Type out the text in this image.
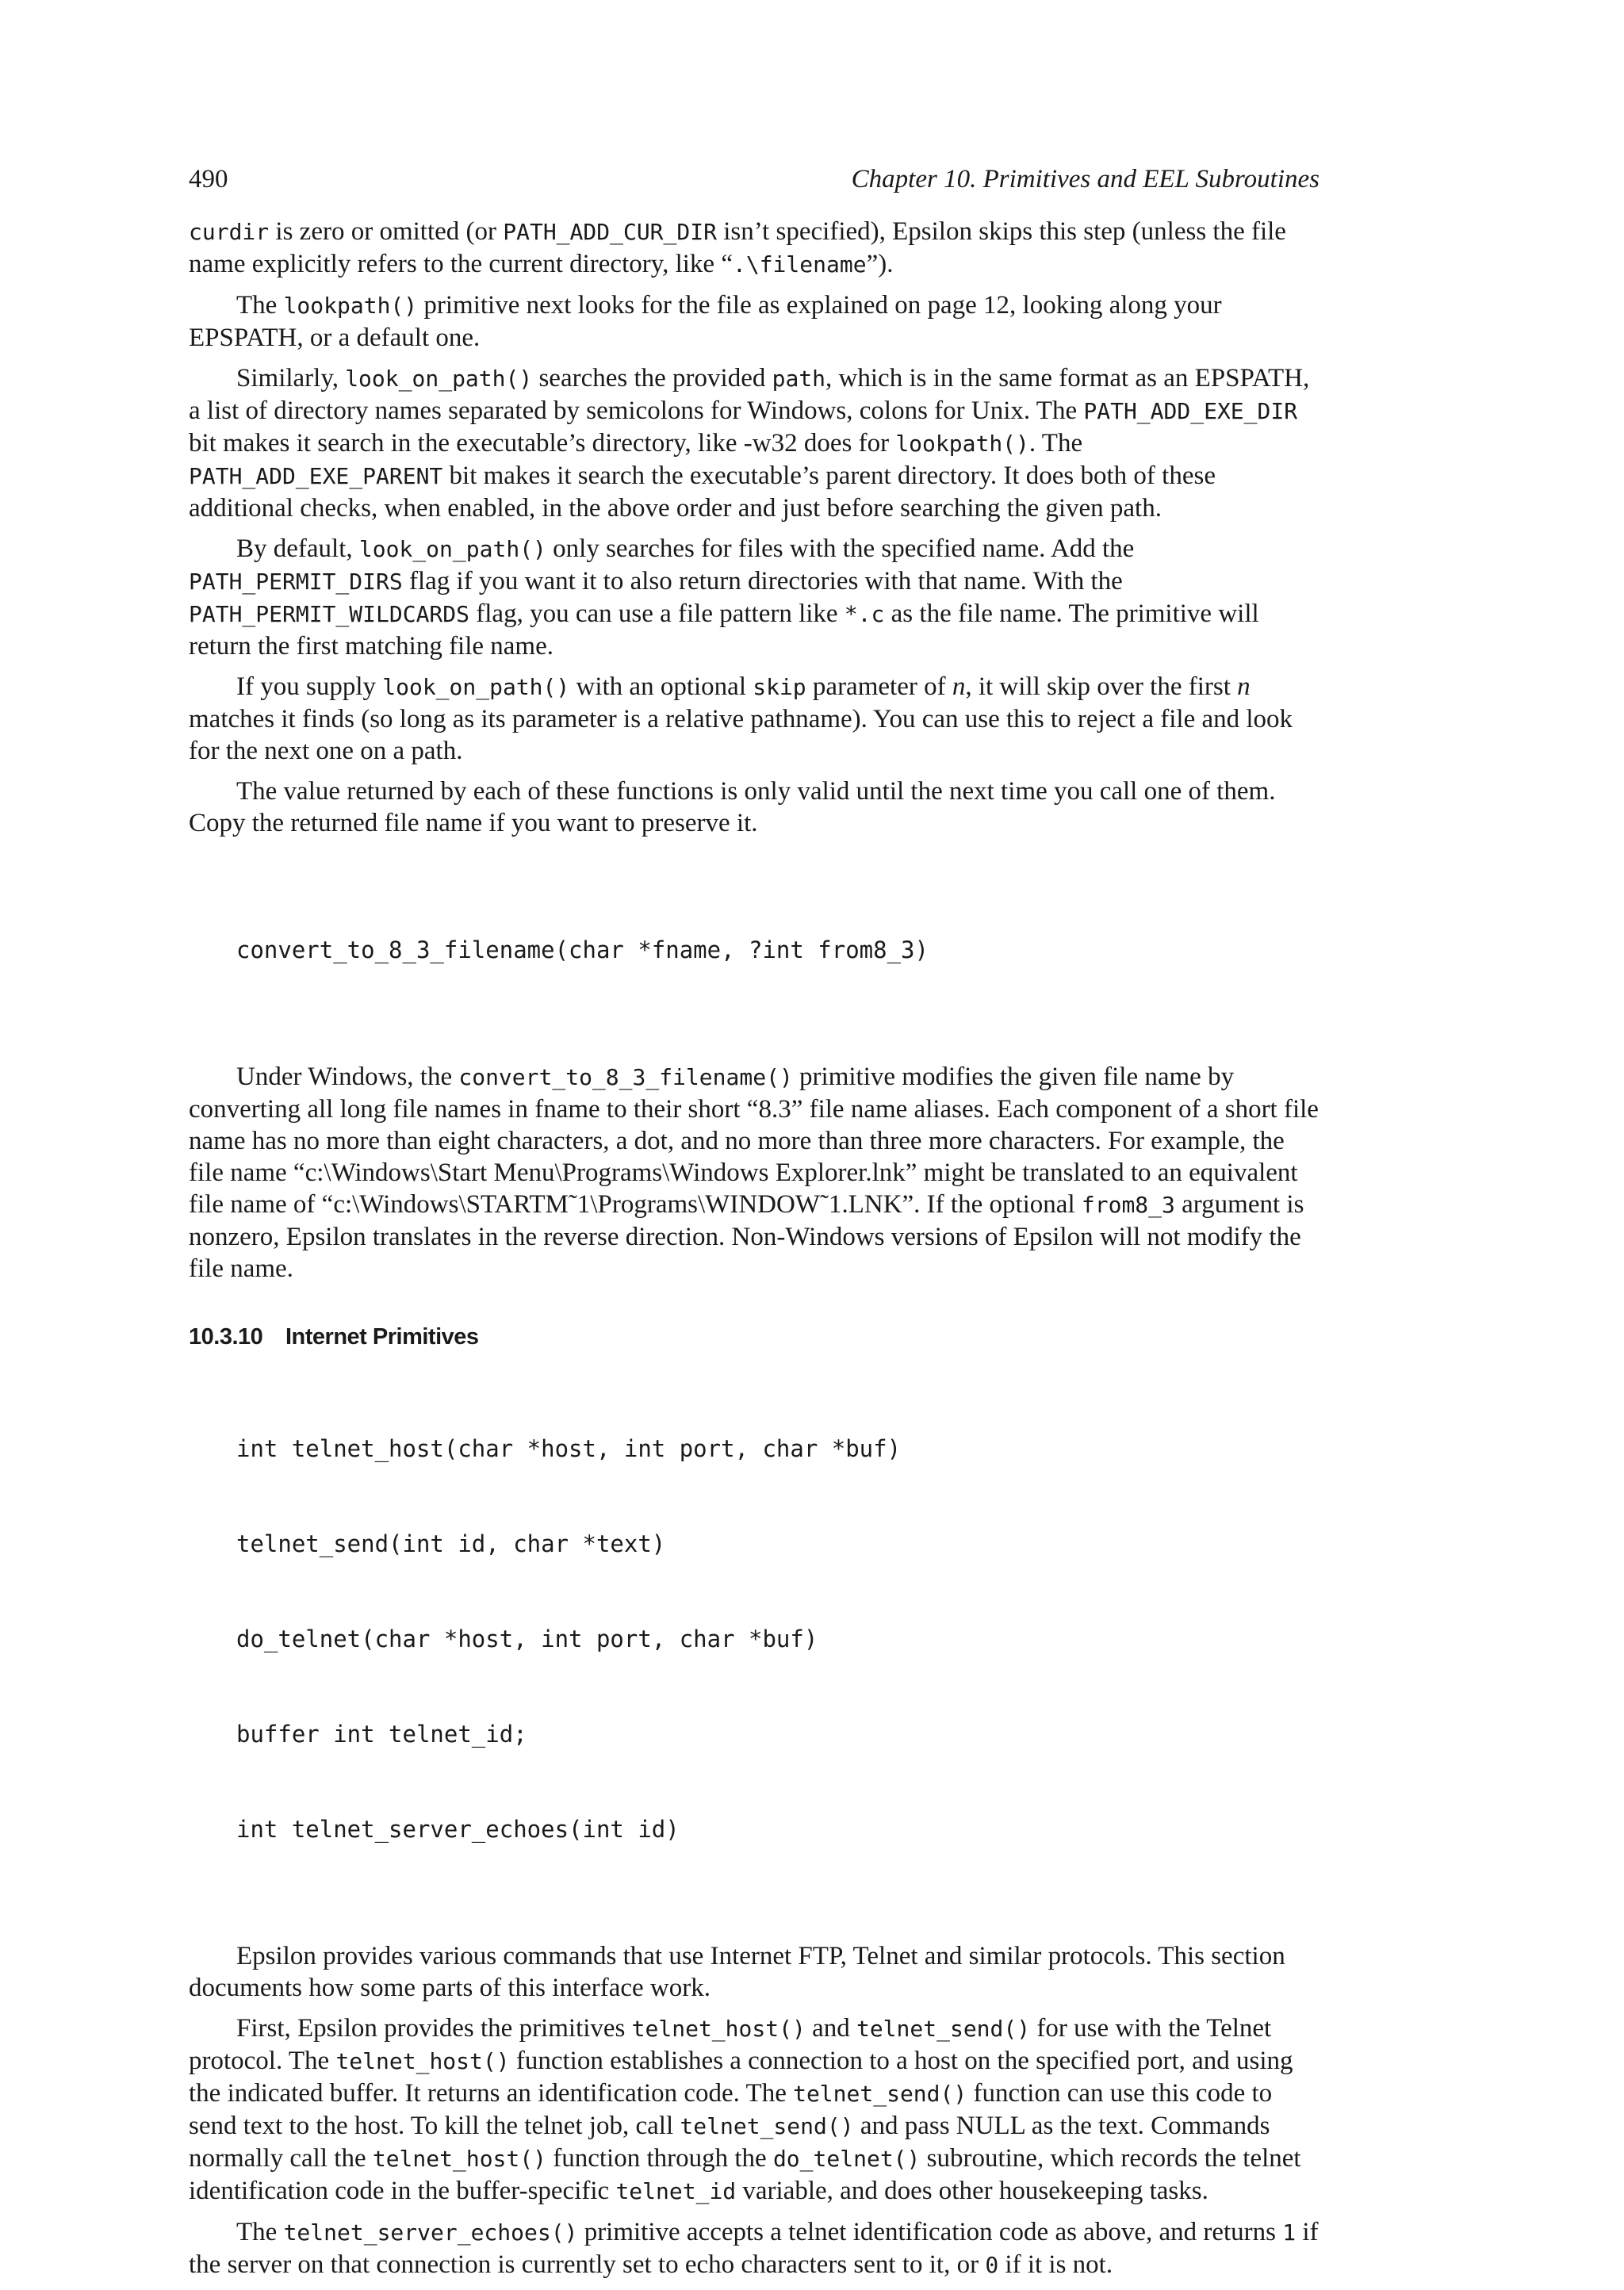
490	Chapter 10. Primitives and EEL Subroutines

curdir is zero or omitted (or PATH_ADD_CUR_DIR isn’t specified), Epsilon skips this step (unless the file name explicitly refers to the current directory, like “.\filename”).

The lookpath() primitive next looks for the file as explained on page 12, looking along your EPSPATH, or a default one.

Similarly, look_on_path() searches the provided path, which is in the same format as an EPSPATH, a list of directory names separated by semicolons for Windows, colons for Unix. The PATH_ADD_EXE_DIR bit makes it search in the executable’s directory, like -w32 does for lookpath(). The PATH_ADD_EXE_PARENT bit makes it search the executable’s parent directory. It does both of these additional checks, when enabled, in the above order and just before searching the given path.

By default, look_on_path() only searches for files with the specified name. Add the PATH_PERMIT_DIRS flag if you want it to also return directories with that name. With the PATH_PERMIT_WILDCARDS flag, you can use a file pattern like *.c as the file name. The primitive will return the first matching file name.

If you supply look_on_path() with an optional skip parameter of n, it will skip over the first n matches it finds (so long as its parameter is a relative pathname). You can use this to reject a file and look for the next one on a path.

The value returned by each of these functions is only valid until the next time you call one of them. Copy the returned file name if you want to preserve it.

convert_to_8_3_filename(char *fname, ?int from8_3)

Under Windows, the convert_to_8_3_filename() primitive modifies the given file name by converting all long file names in fname to their short “8.3” file name aliases. Each component of a short file name has no more than eight characters, a dot, and no more than three more characters. For example, the file name “c:\Windows\Start Menu\Programs\Windows Explorer.lnk” might be translated to an equivalent file name of “c:\Windows\STARTM˜1\Programs\WINDOW˜1.LNK”. If the optional from8_3 argument is nonzero, Epsilon translates in the reverse direction. Non-Windows versions of Epsilon will not modify the file name.

10.3.10 Internet Primitives

int telnet_host(char *host, int port, char *buf)

telnet_send(int id, char *text)

do_telnet(char *host, int port, char *buf)

buffer int telnet_id;

int telnet_server_echoes(int id)

Epsilon provides various commands that use Internet FTP, Telnet and similar protocols. This section documents how some parts of this interface work.

First, Epsilon provides the primitives telnet_host() and telnet_send() for use with the Telnet protocol. The telnet_host() function establishes a connection to a host on the specified port, and using the indicated buffer. It returns an identification code. The telnet_send() function can use this code to send text to the host. To kill the telnet job, call telnet_send() and pass NULL as the text. Commands normally call the telnet_host() function through the do_telnet() subroutine, which records the telnet identification code in the buffer-specific telnet_id variable, and does other housekeeping tasks.

The telnet_server_echoes() primitive accepts a telnet identification code as above, and returns 1 if the server on that connection is currently set to echo characters sent to it, or 0 if it is not.
